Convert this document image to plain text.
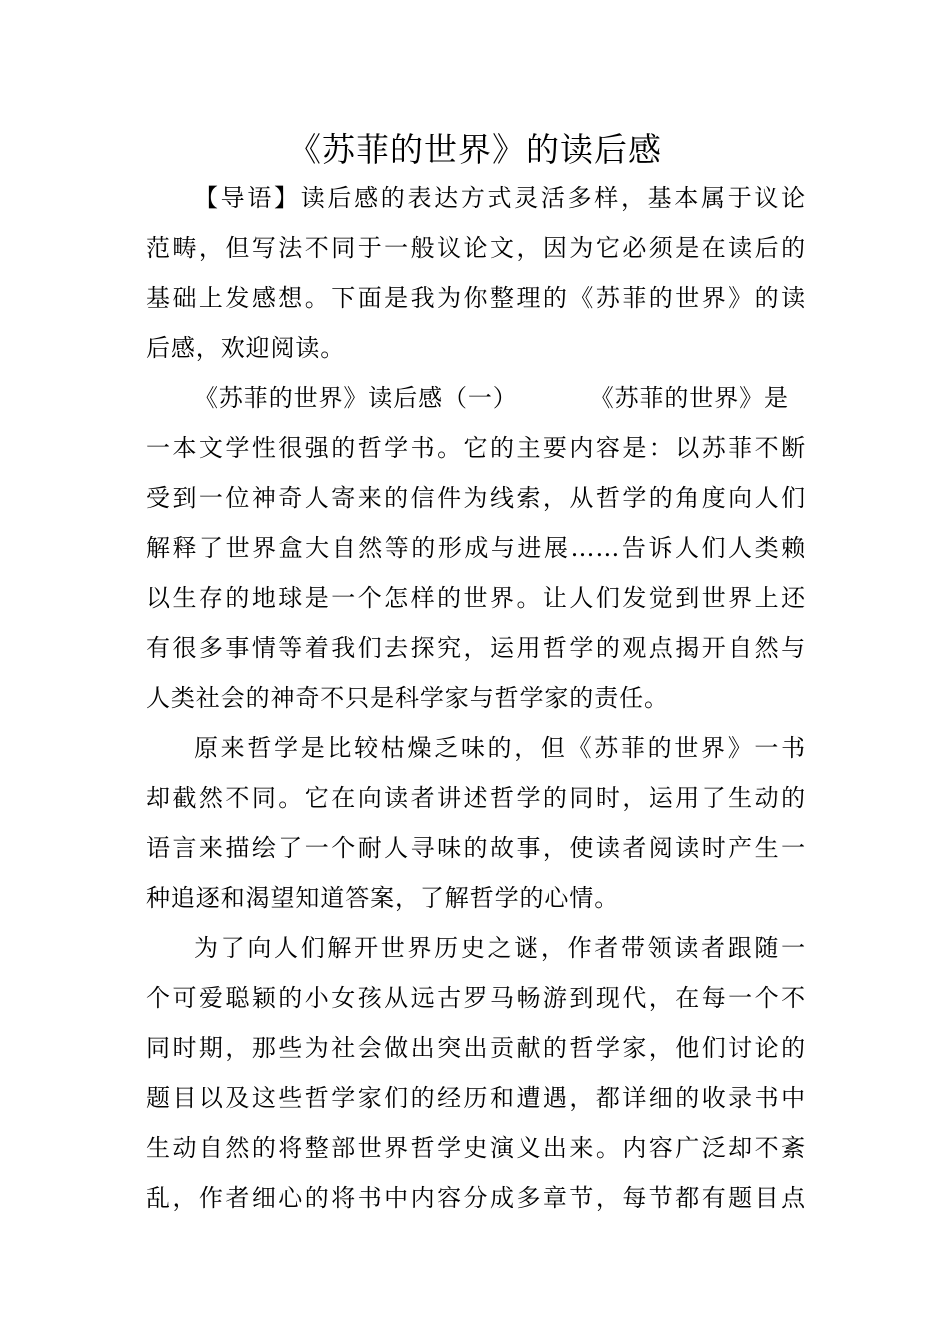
《苏菲的世界》的读后感
【导语】读后感的表达方式灵活多样，基本属于议论
范畴，但写法不同于一般议论文，因为它必须是在读后的
基础上发感想。下面是我为你整理的《苏菲的世界》的读
后感，欢迎阅读。
《苏菲的世界》读后感（一）	《苏菲的世界》是
一本文学性很强的哲学书。它的主要内容是：以苏菲不断
受到一位神奇人寄来的信件为线索，从哲学的角度向人们
解释了世界盒大自然等的形成与进展……告诉人们人类赖
以生存的地球是一个怎样的世界。让人们发觉到世界上还
有很多事情等着我们去探究，运用哲学的观点揭开自然与
人类社会的神奇不只是科学家与哲学家的责任。
原来哲学是比较枯燥乏味的，但《苏菲的世界》一书
却截然不同。它在向读者讲述哲学的同时，运用了生动的
语言来描绘了一个耐人寻味的故事，使读者阅读时产生一
种追逐和渴望知道答案，了解哲学的心情。
为了向人们解开世界历史之谜，作者带领读者跟随一
个可爱聪颖的小女孩从远古罗马畅游到现代，在每一个不
同时期，那些为社会做出突出贡献的哲学家，他们讨论的
题目以及这些哲学家们的经历和遭遇，都详细的收录书中
生动自然的将整部世界哲学史演义出来。内容广泛却不紊
乱，作者细心的将书中内容分成多章节，每节都有题目点
